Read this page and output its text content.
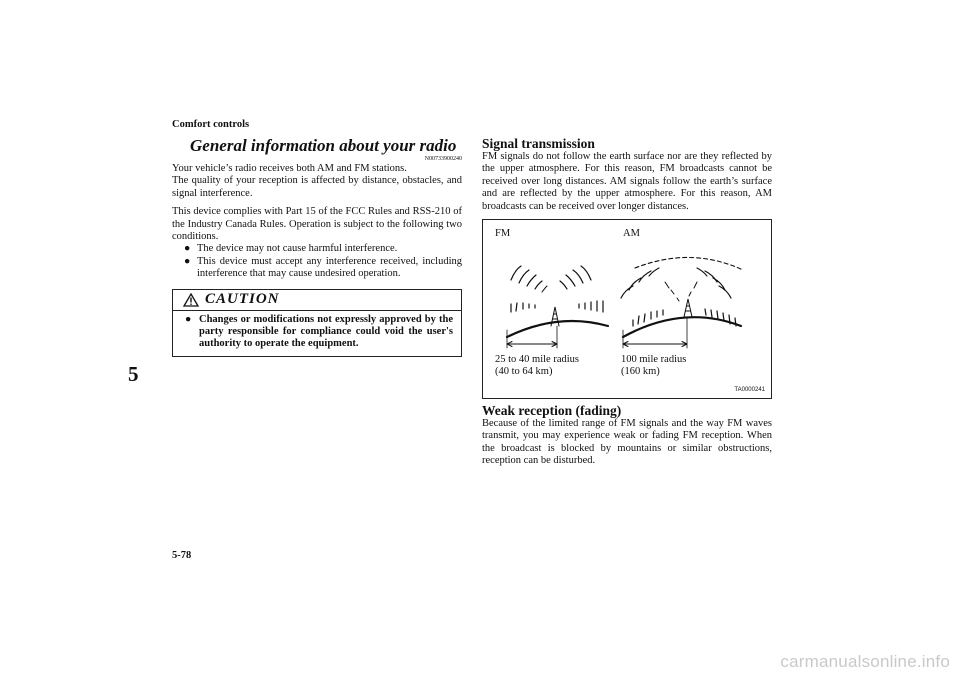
Comfort controls
5
5-78
carmanualsonline.info
General information about your radio
N00733900240

Your vehicle’s radio receives both AM and FM stations.

The quality of your reception is affected by distance, obstacles, and signal interference.

This device complies with Part 15 of the FCC Rules and RSS-210 of the Industry Canada Rules. Operation is subject to the following two conditions.

● The device may not cause harmful interference.
● This device must accept any interference received, including interference that may cause undesired operation.
CAUTION
● Changes or modifications not expressly approved by the party responsible for compliance could void the user's authority to operate the equipment.
Signal transmission

FM signals do not follow the earth surface nor are they reflected by the upper atmosphere. For this reason, FM broadcasts cannot be received over long distances. AM signals follow the earth’s surface and are reflected by the upper atmosphere. For this reason, AM broadcasts can be received over longer distances.

FM	AM
25 to 40 mile radius
(40 to 64 km)
100 mile radius
(160 km)
TA0000241
Weak reception (fading)

Because of the limited range of FM signals and the way FM waves transmit, you may experience weak or fading FM reception. When the broadcast is blocked by mountains or similar obstructions, reception can be disturbed.
